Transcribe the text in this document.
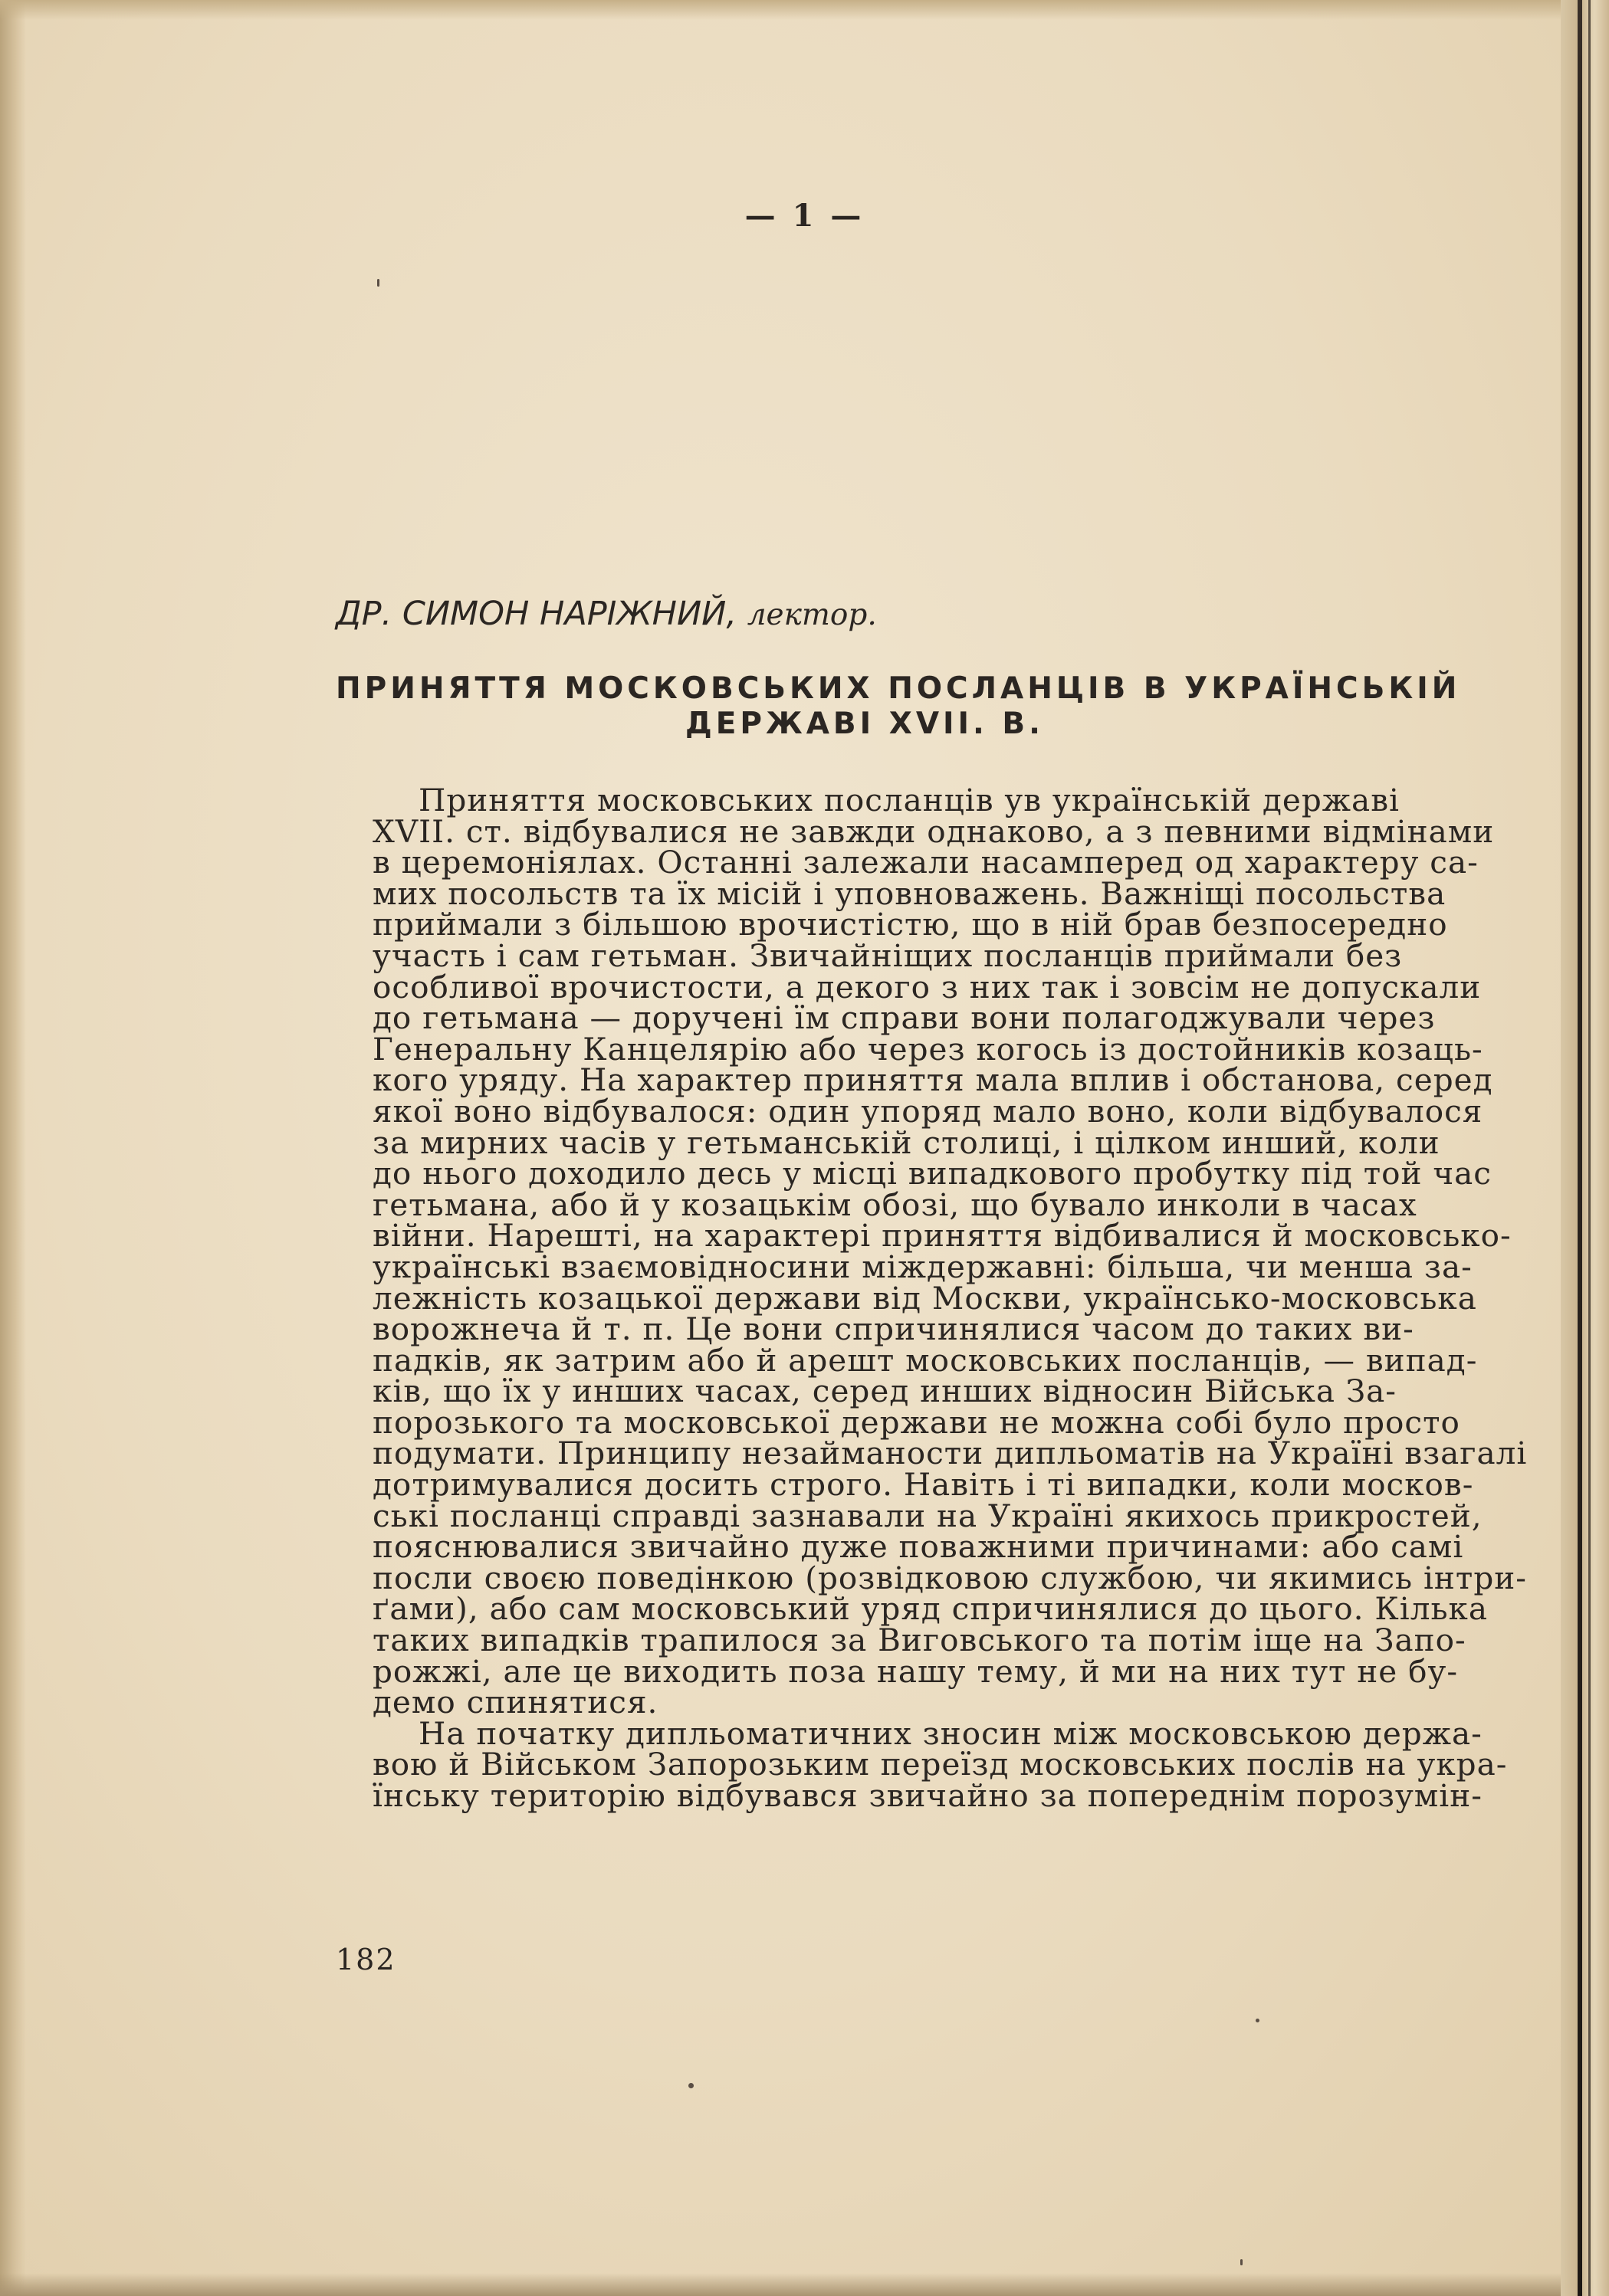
— 1 —
ДР. СИМОН НАРІЖНИЙ, лектор.
ПРИНЯТТЯ МОСКОВСЬКИХ ПОСЛАНЦІВ В УКРАЇНСЬКІЙ
ДЕРЖАВІ XVII. В.
Приняття московських посланців ув українській державі
XVII. ст. відбувалися не завжди однаково, а з певними відмінами
в церемоніялах. Останні залежали насамперед од характеру са-
мих посольств та їх місій і уповноважень. Важніщі посольства
приймали з більшою врочистістю, що в ній брав безпосередно
участь і сам гетьман. Звичайніщих посланців приймали без
особливої врочистости, а декого з них так і зовсім не допускали
до гетьмана — доручені їм справи вони полагоджували через
Генеральну Канцелярію або через когось із достойників козаць-
кого уряду. На характер приняття мала вплив і обстанова, серед
якої воно відбувалося: один упоряд мало воно, коли відбувалося
за мирних часів у гетьманській столиці, і цілком инший, коли
до нього доходило десь у місці випадкового пробутку під той час
гетьмана, або й у козацькім обозі, що бувало инколи в часах
війни. Нарешті, на характері приняття відбивалися й московсько-
українські взаємовідносини міждержавні: більша, чи менша за-
лежність козацької держави від Москви, українсько-московська
ворожнеча й т. п. Це вони спричинялися часом до таких ви-
падків, як затрим або й арешт московських посланців, — випад-
ків, що їх у инших часах, серед инших відносин Війська За-
порозького та московської держави не можна собі було просто
подумати. Принципу незайманости дипльоматів на Україні взагалі
дотримувалися досить строго. Навіть і ті випадки, коли москов-
ські посланці справді зазнавали на Україні якихось прикростей,
пояснювалися звичайно дуже поважними причинами: або самі
посли своєю поведінкою (розвідковою службою, чи якимись інтри-
ґами), або сам московський уряд спричинялися до цього. Кілька
таких випадків трапилося за Виговського та потім іще на Запо-
рожжі, але це виходить поза нашу тему, й ми на них тут не бу-
демо спинятися.
На початку дипльоматичних зносин між московською держа-
вою й Військом Запорозьким переїзд московських послів на укра-
їнську територію відбувався звичайно за попереднім порозумін-
182
